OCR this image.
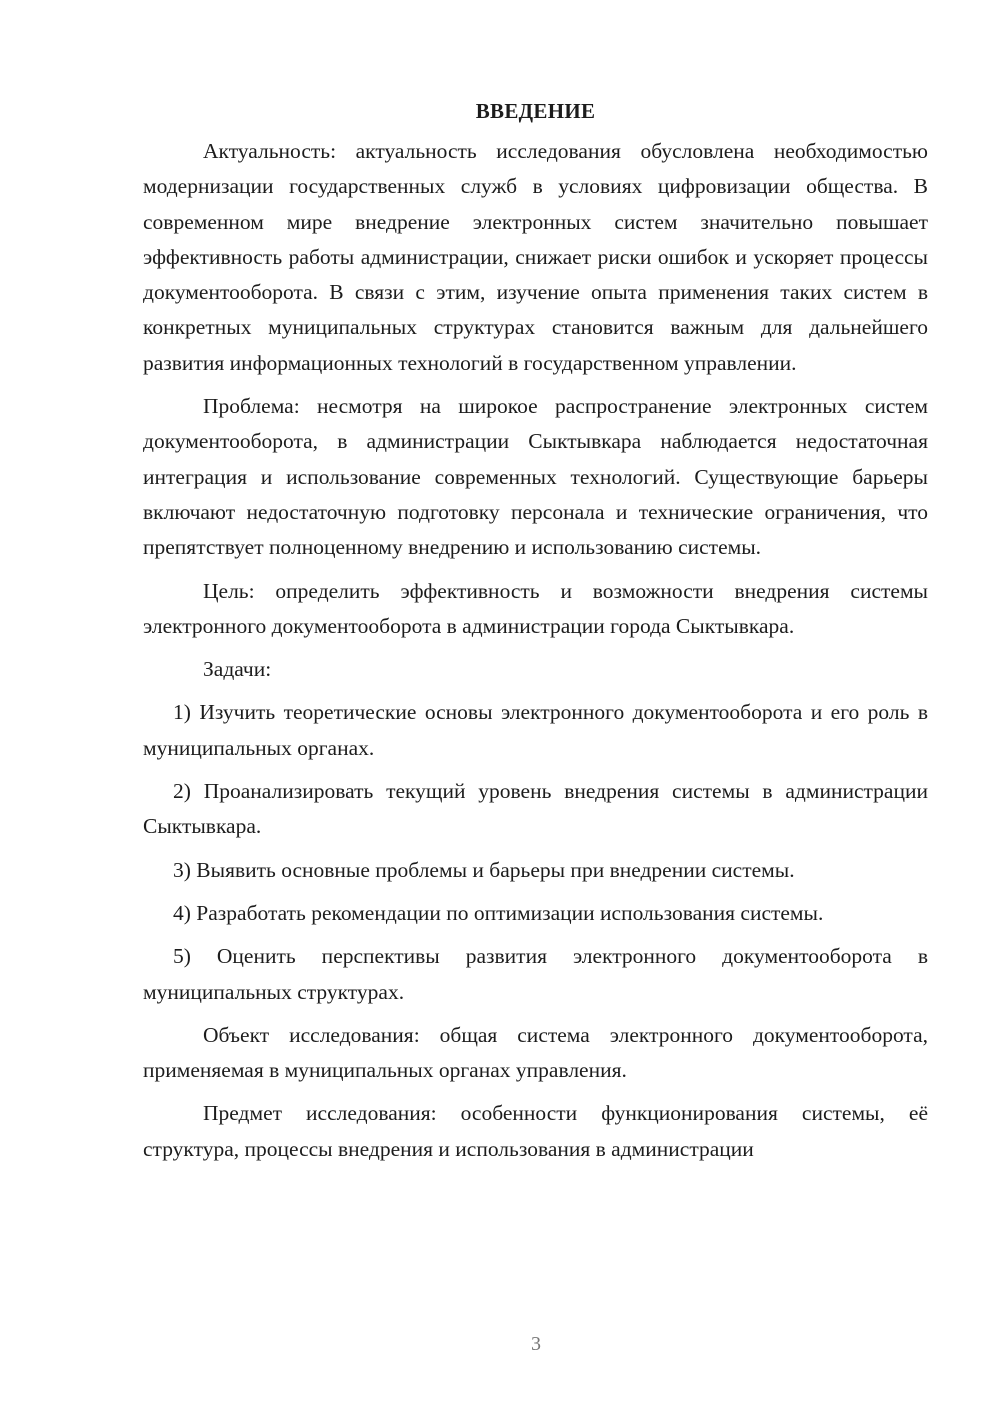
ВВЕДЕНИЕ

Актуальность: актуальность исследования обусловлена необходимостью модернизации государственных служб в условиях цифровизации общества. В современном мире внедрение электронных систем значительно повышает эффективность работы администрации, снижает риски ошибок и ускоряет процессы документооборота. В связи с этим, изучение опыта применения таких систем в конкретных муниципальных структурах становится важным для дальнейшего развития информационных технологий в государственном управлении.

Проблема: несмотря на широкое распространение электронных систем документооборота, в администрации Сыктывкара наблюдается недостаточная интеграция и использование современных технологий. Существующие барьеры включают недостаточную подготовку персонала и технические ограничения, что препятствует полноценному внедрению и использованию системы.

Цель: определить эффективность и возможности внедрения системы электронного документооборота в администрации города Сыктывкара.

Задачи:

1) Изучить теоретические основы электронного документооборота и его роль в муниципальных органах.

2) Проанализировать текущий уровень внедрения системы в администрации Сыктывкара.

3) Выявить основные проблемы и барьеры при внедрении системы.

4) Разработать рекомендации по оптимизации использования системы.

5) Оценить перспективы развития электронного документооборота в муниципальных структурах.

Объект исследования: общая система электронного документооборота, применяемая в муниципальных органах управления.

Предмет исследования: особенности функционирования системы, её структура, процессы внедрения и использования в администрации

3
